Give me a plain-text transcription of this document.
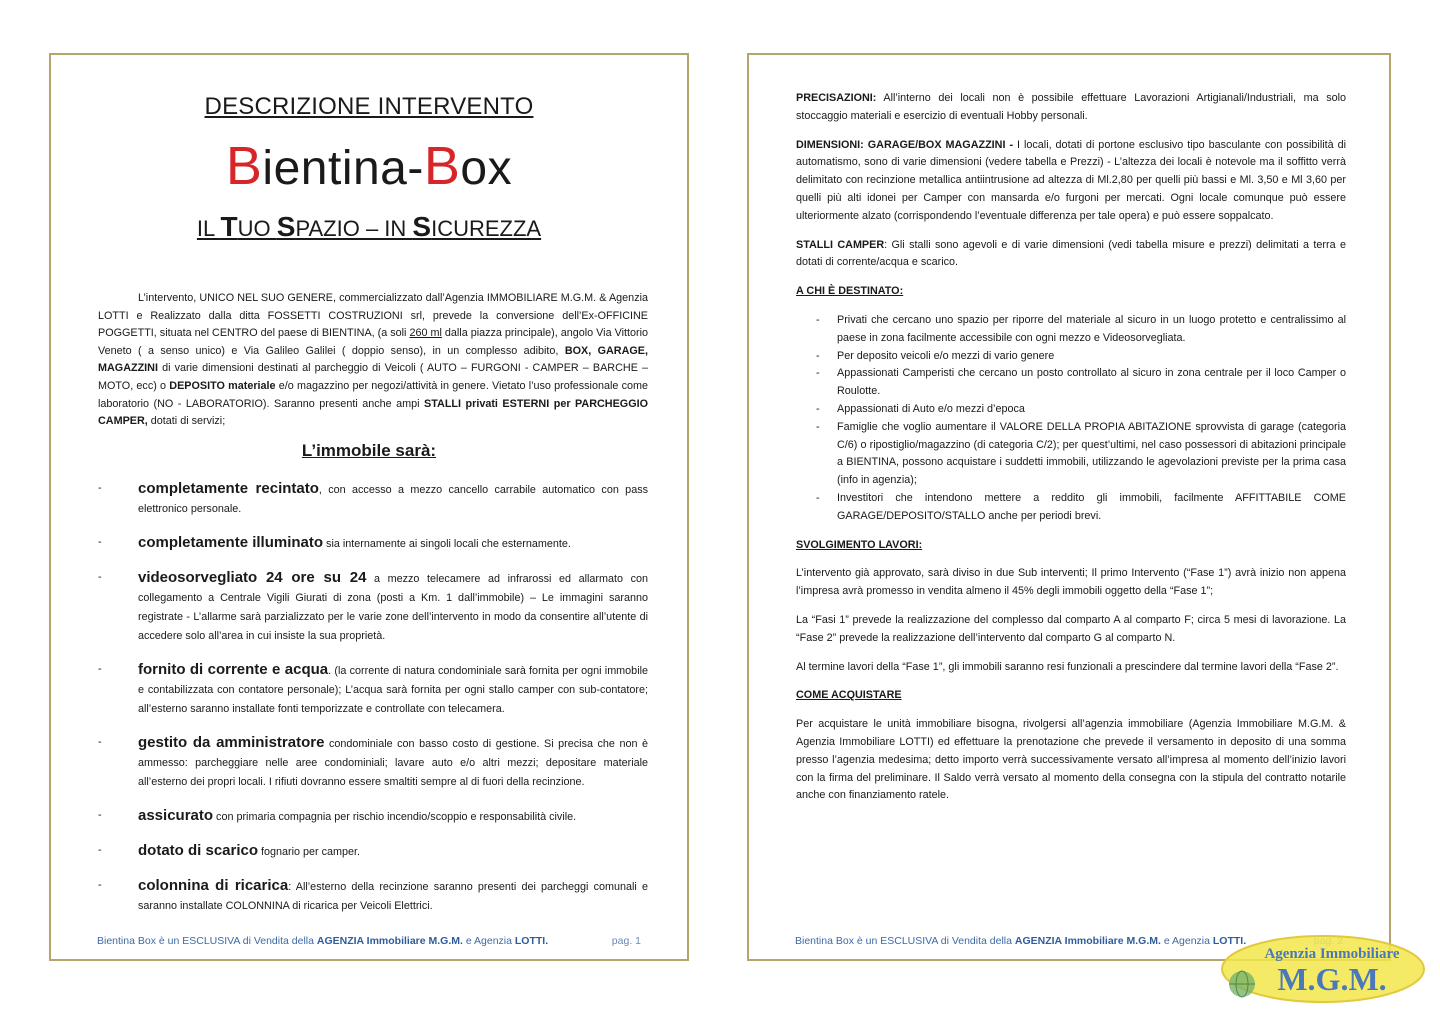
DESCRIZIONE INTERVENTO
Bientina-Box
IL TUO SPAZIO – IN SICUREZZA
L’intervento, UNICO NEL SUO GENERE, commercializzato dall’Agenzia IMMOBILIARE M.G.M. & Agenzia LOTTI e Realizzato dalla ditta FOSSETTI COSTRUZIONI srl, prevede la conversione dell’Ex-OFFICINE POGGETTI, situata nel CENTRO del paese di BIENTINA, (a soli 260 ml dalla piazza principale), angolo Via Vittorio Veneto ( a senso unico) e Via Galileo Galilei ( doppio senso), in un complesso adibito, BOX, GARAGE, MAGAZZINI di varie dimensioni destinati al parcheggio di Veicoli ( AUTO – FURGONI - CAMPER – BARCHE – MOTO, ecc) o DEPOSITO materiale e/o magazzino per negozi/attività in genere. Vietato l’uso professionale come laboratorio (NO - LABORATORIO). Saranno presenti anche ampi STALLI privati ESTERNI per PARCHEGGIO CAMPER, dotati di servizi;
L’immobile sarà:
- completamente recintato, con accesso a mezzo cancello carrabile automatico con pass elettronico personale.
- completamente illuminato sia internamente ai singoli locali che esternamente.
- videosorvegliato 24 ore su 24 a mezzo telecamere ad infrarossi ed allarmato con collegamento a Centrale Vigili Giurati di zona (posti a Km. 1 dall’immobile) – Le immagini saranno registrate - L’allarme sarà parzializzato per le varie zone dell’intervento in modo da consentire all’utente di accedere solo all’area in cui insiste la sua proprietà.
- fornito di corrente e acqua. (la corrente di natura condominiale sarà fornita per ogni immobile e contabilizzata con contatore personale); L’acqua sarà fornita per ogni stallo camper con sub-contatore; all’esterno saranno installate fonti temporizzate e controllate con telecamera.
- gestito da amministratore condominiale con basso costo di gestione. Si precisa che non è ammesso: parcheggiare nelle aree condominiali; lavare auto e/o altri mezzi; depositare materiale all’esterno dei propri locali. I rifiuti dovranno essere smaltiti sempre al di fuori della recinzione.
- assicurato con primaria compagnia per rischio incendio/scoppio e responsabilità civile.
- dotato di scarico fognario per camper.
- colonnina di ricarica: All’esterno della recinzione saranno presenti dei parcheggi comunali e saranno installate COLONNINA di ricarica per Veicoli Elettrici.
Bientina Box è un ESCLUSIVA di Vendita della AGENZIA Immobiliare M.G.M. e Agenzia LOTTI.	pag. 1

PRECISAZIONI: All’interno dei locali non è possibile effettuare Lavorazioni Artigianali/Industriali, ma solo stoccaggio materiali e esercizio di eventuali Hobby personali.

DIMENSIONI: GARAGE/BOX MAGAZZINI - I locali, dotati di portone esclusivo tipo basculante con possibilità di automatismo, sono di varie dimensioni (vedere tabella e Prezzi) - L’altezza dei locali è notevole ma il soffitto verrà delimitato con recinzione metallica antiintrusione ad altezza di Ml.2,80 per quelli più bassi e Ml. 3,50 e Ml 3,60 per quelli più alti idonei per Camper con mansarda e/o furgoni per mercati. Ogni locale comunque può essere ulteriormente alzato (corrispondendo l’eventuale differenza per tale opera) e può essere soppalcato.

STALLI CAMPER: Gli stalli sono agevoli e di varie dimensioni (vedi tabella misure e prezzi) delimitati a terra e dotati di corrente/acqua e scarico.

A CHI È DESTINATO:
- Privati che cercano uno spazio per riporre del materiale al sicuro in un luogo protetto e centralissimo al paese in zona facilmente accessibile con ogni mezzo e Videosorvegliata.
- Per deposito veicoli e/o mezzi di vario genere
- Appassionati Camperisti che cercano un posto controllato al sicuro in zona centrale per il loco Camper o Roulotte.
- Appassionati di Auto e/o mezzi d’epoca
- Famiglie che voglio aumentare il VALORE DELLA PROPIA ABITAZIONE sprovvista di garage (categoria C/6) o ripostiglio/magazzino (di categoria C/2); per quest’ultimi, nel caso possessori di abitazioni principale a BIENTINA, possono acquistare i suddetti immobili, utilizzando le agevolazioni previste per la prima casa (info in agenzia);
- Investitori che intendono mettere a reddito gli immobili, facilmente AFFITTABILE COME GARAGE/DEPOSITO/STALLO anche per periodi brevi.
SVOLGIMENTO LAVORI:

L’intervento già approvato, sarà diviso in due Sub interventi; Il primo Intervento (“Fase 1”) avrà inizio non appena l’impresa avrà promesso in vendita almeno il 45% degli immobili oggetto della “Fase 1”;

La “Fasi 1” prevede la realizzazione del complesso dal comparto A al comparto F; circa 5 mesi di lavorazione. La “Fase 2” prevede la realizzazione dell’intervento dal comparto G al comparto N.

Al termine lavori della “Fase 1”, gli immobili saranno resi funzionali a prescindere dal termine lavori della “Fase 2”.

COME ACQUISTARE

Per acquistare le unità immobiliare bisogna, rivolgersi all’agenzia immobiliare (Agenzia Immobiliare M.G.M. & Agenzia Immobiliare LOTTI) ed effettuare la prenotazione che prevede il versamento in deposito di una somma presso l’agenzia medesima; detto importo verrà successivamente versato all’impresa al momento dell’inizio lavori con la firma del preliminare. Il Saldo verrà versato al momento della consegna con la stipula del contratto notarile anche con finanziamento ratele.

Bientina Box è un ESCLUSIVA di Vendita della AGENZIA Immobiliare M.G.M. e Agenzia LOTTI.
Agenzia Immobiliare
M.G.M.
